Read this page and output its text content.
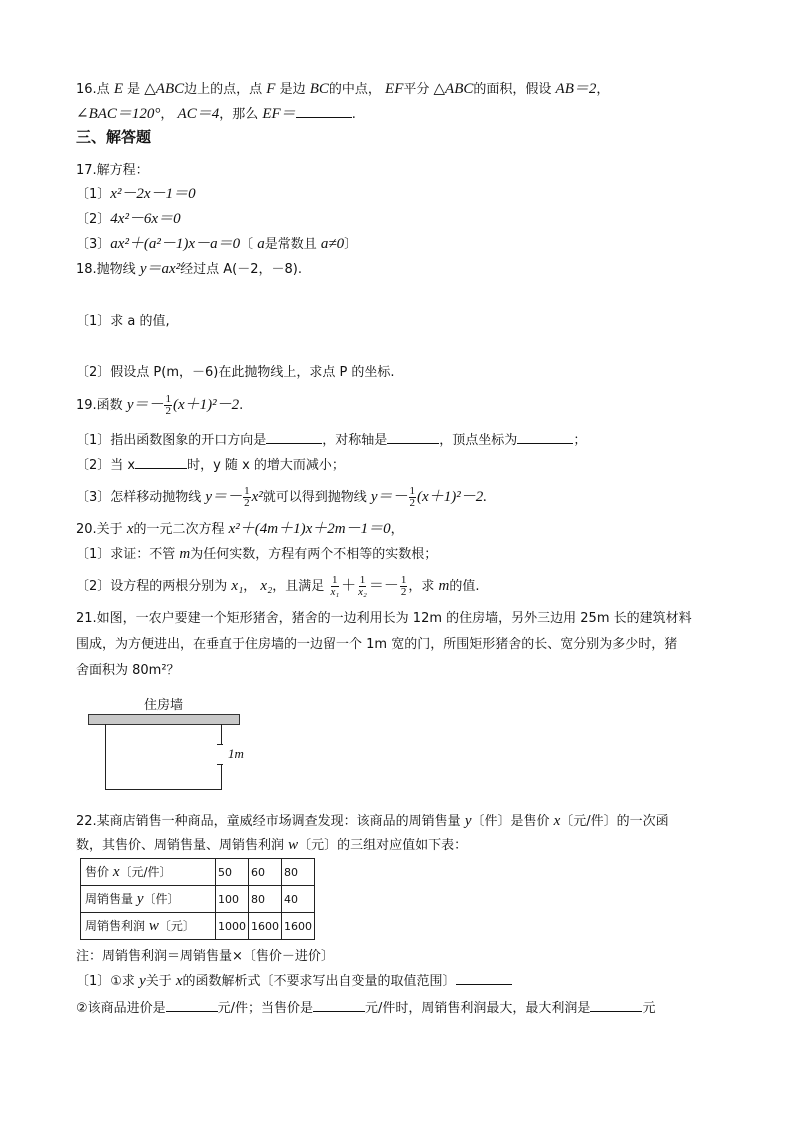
16.点 E 是 △ABC边上的点，点 F 是边 BC的中点， EF平分 △ABC的面积，假设 AB＝2，
∠BAC＝120°， AC＝4，那么 EF＝	.
三、解答题
17.解方程：
〔1〕x²－2x－1＝0
〔2〕4x²－6x＝0
〔3〕ax²＋(a²－1)x－a＝0〔 a是常数且 a≠0〕
18.抛物线 y＝ax²经过点 A(－2，－8).
〔1〕求 a 的值,
〔2〕假设点 P(m，－6)在此抛物线上，求点 P 的坐标.
19.函数 $y=- \frac{1}{2} (x+1)^2-2$.
〔1〕指出函数图象的开口方向是	，对称轴是	，顶点坐标为	；
〔2〕当 x	时，y 随 x 的增大而减小；
〔3〕怎样移动抛物线 $y=- \frac{1}{2} x^2$就可以得到抛物线 $y=- \frac{1}{2} (x+1)^2-2$.
20.关于 x的一元二次方程 x²＋(4m＋1)x＋2m－1＝0，
〔1〕求证：不管 m为任何实数，方程有两个不相等的实数根；
〔2〕设方程的两根分别为 x₁， x₂，且满足 $\frac{1}{\text{x₁}} + \frac{1}{\text{x₂}} =- \frac{1}{2}$ ，求 m的值.
21.如图，一农户要建一个矩形猪舍，猪舍的一边利用长为 12m 的住房墙，另外三边用 25m 长的建筑材料
围成，为方便进出，在垂直于住房墙的一边留一个 1m 宽的门，所围矩形猪舍的长、宽分别为多少时，猪
舍面积为 80m²？
住房墙
1m
22.某商店销售一种商品，童威经市场调查发现：该商品的周销售量 y〔件〕是售价 x〔元/件〕的一次函
数，其售价、周销售量、周销售利润 w〔元〕的三组对应值如下表：
售价 x〔元/件〕	50	60	80
周销售量 y〔件〕	100	80	40
周销售利润 w〔元〕	1000	1600	1600
注：周销售利润＝周销售量×〔售价－进价〕
〔1〕①求 y关于 x的函数解析式〔不要求写出自变量的取值范围〕
②该商品进价是	元/件；当售价是	元/件时，周销售利润最大，最大利润是	元
